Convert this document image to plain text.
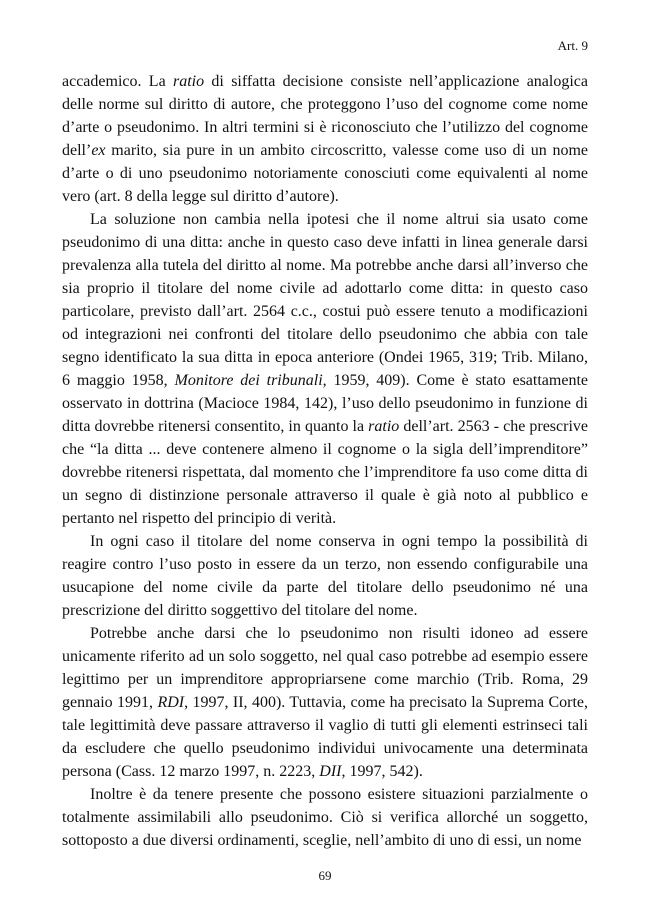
Art. 9

accademico. La ratio di siffatta decisione consiste nell’applicazione analogica delle norme sul diritto di autore, che proteggono l’uso del cognome come nome d’arte o pseudonimo. In altri termini si è riconosciuto che l’utilizzo del cognome dell’ex marito, sia pure in un ambito circoscritto, valesse come uso di un nome d’arte o di uno pseudonimo notoriamente conosciuti come equivalenti al nome vero (art. 8 della legge sul diritto d’autore).

La soluzione non cambia nella ipotesi che il nome altrui sia usato come pseudonimo di una ditta: anche in questo caso deve infatti in linea generale darsi prevalenza alla tutela del diritto al nome. Ma potrebbe anche darsi all’inverso che sia proprio il titolare del nome civile ad adottarlo come ditta: in questo caso particolare, previsto dall’art. 2564 c.c., costui può essere tenuto a modificazioni od integrazioni nei confronti del titolare dello pseudonimo che abbia con tale segno identificato la sua ditta in epoca anteriore (Ondei 1965, 319; Trib. Milano, 6 maggio 1958, Monitore dei tribunali, 1959, 409). Come è stato esattamente osservato in dottrina (Macioce 1984, 142), l’uso dello pseudonimo in funzione di ditta dovrebbe ritenersi consentito, in quanto la ratio dell’art. 2563 - che prescrive che “la ditta ... deve contenere almeno il cognome o la sigla dell’imprenditore” dovrebbe ritenersi rispettata, dal momento che l’imprenditore fa uso come ditta di un segno di distinzione personale attraverso il quale è già noto al pubblico e pertanto nel rispetto del principio di verità.

In ogni caso il titolare del nome conserva in ogni tempo la possibilità di reagire contro l’uso posto in essere da un terzo, non essendo configurabile una usucapione del nome civile da parte del titolare dello pseudonimo né una prescrizione del diritto soggettivo del titolare del nome.

Potrebbe anche darsi che lo pseudonimo non risulti idoneo ad essere unicamente riferito ad un solo soggetto, nel qual caso potrebbe ad esempio essere legittimo per un imprenditore appropriarsene come marchio (Trib. Roma, 29 gennaio 1991, RDI, 1997, II, 400). Tuttavia, come ha precisato la Suprema Corte, tale legittimità deve passare attraverso il vaglio di tutti gli elementi estrinseci tali da escludere che quello pseudonimo individui univocamente una determinata persona (Cass. 12 marzo 1997, n. 2223, DII, 1997, 542).

Inoltre è da tenere presente che possono esistere situazioni parzialmente o totalmente assimilabili allo pseudonimo. Ciò si verifica allorché un soggetto, sottoposto a due diversi ordinamenti, sceglie, nell’ambito di uno di essi, un nome

69
